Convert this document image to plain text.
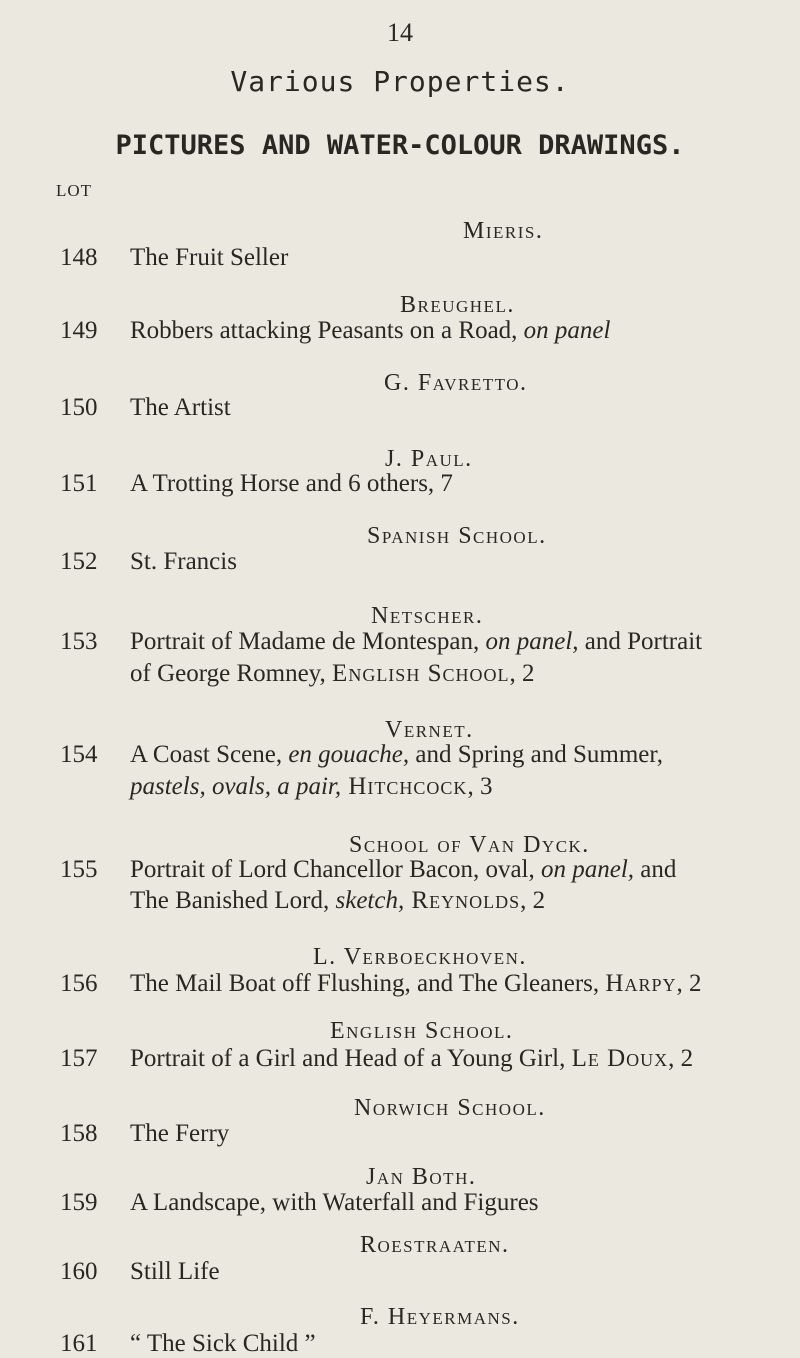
14
Various Properties.
PICTURES AND WATER-COLOUR DRAWINGS.
LOT
Mieris.
148 The Fruit Seller
Breughel.
149 Robbers attacking Peasants on a Road, on panel
G. Favretto.
150 The Artist
J. Paul.
151 A Trotting Horse and 6 others, 7
Spanish School.
152 St. Francis
Netscher.
153 Portrait of Madame de Montespan, on panel, and Portrait
of George Romney, English School, 2
Vernet.
154 A Coast Scene, en gouache, and Spring and Summer,
pastels, ovals, a pair, Hitchcock, 3
School of Van Dyck.
155 Portrait of Lord Chancellor Bacon, oval, on panel, and
The Banished Lord, sketch, Reynolds, 2
L. Verboeckhoven.
156 The Mail Boat off Flushing, and The Gleaners, Harpy, 2
English School.
157 Portrait of a Girl and Head of a Young Girl, Le Doux, 2
Norwich School.
158 The Ferry
Jan Both.
159 A Landscape, with Waterfall and Figures
Roestraaten.
160 Still Life
F. Heyermans.
161 “ The Sick Child ”
